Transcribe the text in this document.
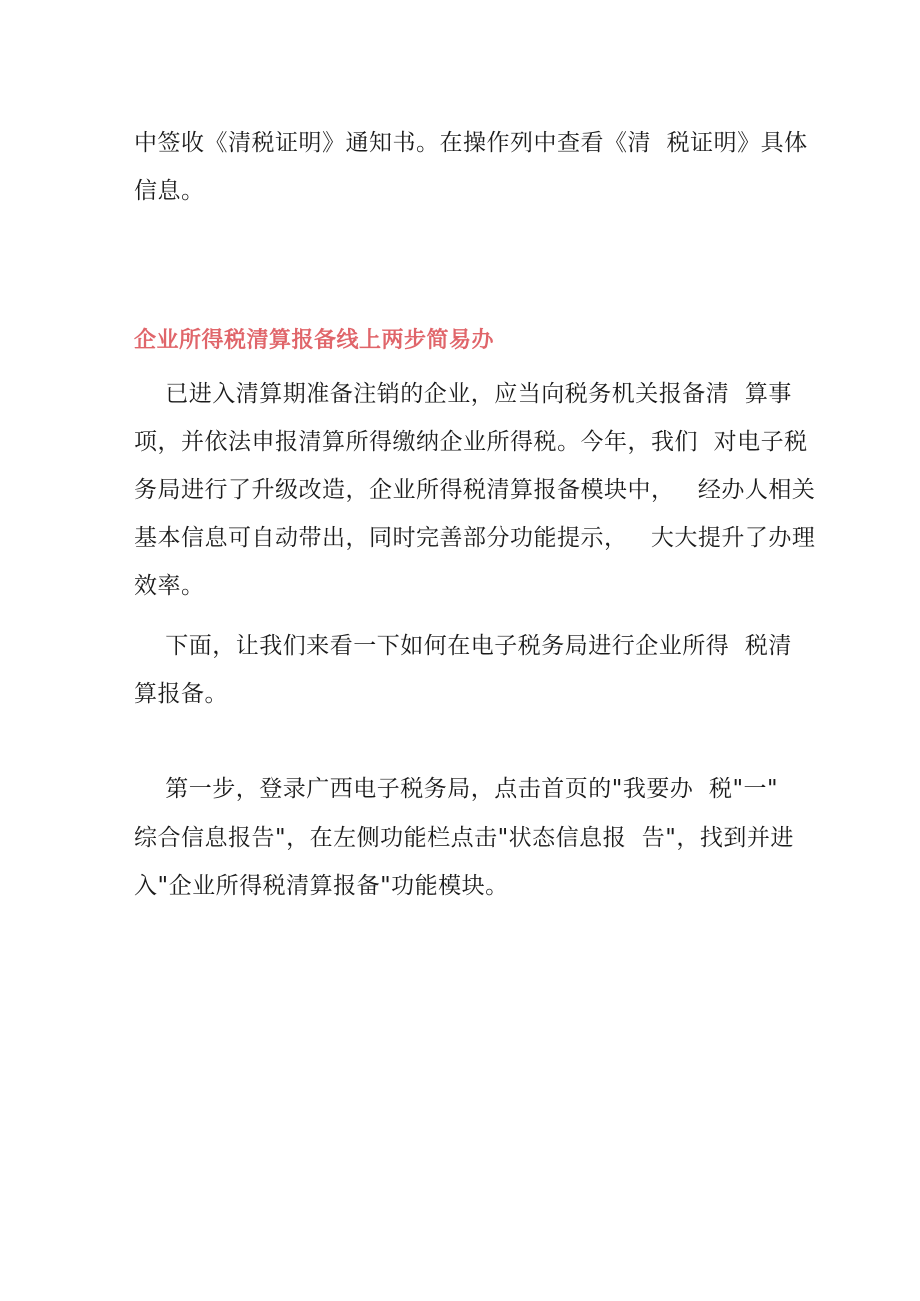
中签收《清税证明》通知书。在操作列中查看《清  税证明》具体
信息。
企业所得税清算报备线上两步简易办
已进入清算期准备注销的企业，应当向税务机关报备清  算事
项，并依法申报清算所得缴纳企业所得税。今年，我们  对电子税
务局进行了升级改造，企业所得税清算报备模块中，   经办人相关
基本信息可自动带出，同时完善部分功能提示，   大大提升了办理
效率。
下面，让我们来看一下如何在电子税务局进行企业所得  税清
算报备。
第一步，登录广西电子税务局，点击首页的"我要办  税"一"
综合信息报告"，在左侧功能栏点击"状态信息报  告"，找到并进
入"企业所得税清算报备"功能模块。
